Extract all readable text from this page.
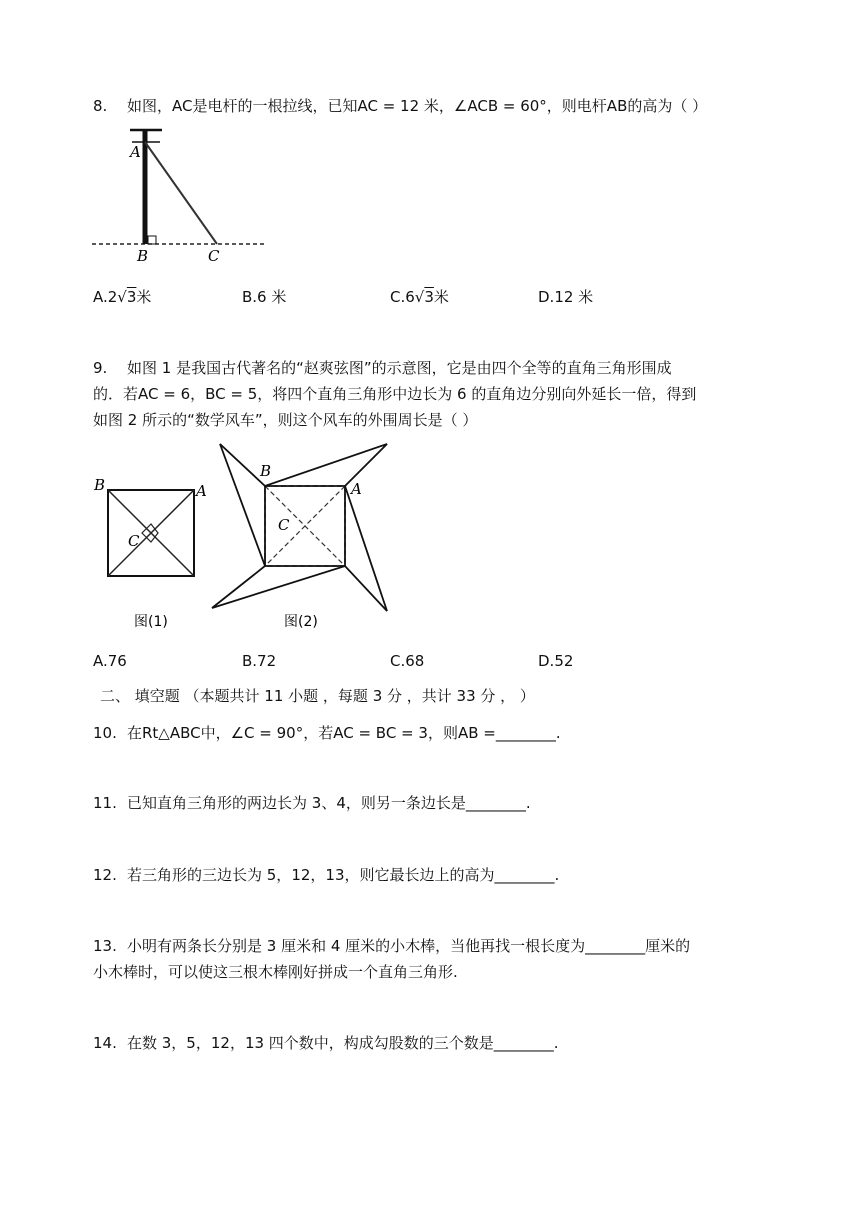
8. 如图，AC是电杆的一根拉线，已知AC = 12 米，∠ACB = 60°，则电杆AB的高为（ ）
A
B	C
A.2√3米	B.6 米	C.6√3米	D.12 米
9. 如图 1 是我国古代著名的“赵爽弦图”的示意图，它是由四个全等的直角三角形围成
的．若AC = 6，BC = 5，将四个直角三角形中边长为 6 的直角边分别向外延长一倍，得到
如图 2 所示的“数学风车”，则这个风车的外围周长是（ ）
B	A
C
图(1)
B
A
C
图(2)
A.76	B.72	C.68	D.52
二、 填空题 （本题共计 11 小题 ，每题 3 分 ，共计 33 分 ， ）
10. 在Rt△ABC中，∠C = 90°，若AC = BC = 3，则AB =________.
11. 已知直角三角形的两边长为 3、4，则另一条边长是________.
12. 若三角形的三边长为 5，12，13，则它最长边上的高为________.
13. 小明有两条长分别是 3 厘米和 4 厘米的小木棒，当他再找一根长度为________厘米的
小木棒时，可以使这三根木棒刚好拼成一个直角三角形.
14. 在数 3，5，12，13 四个数中，构成勾股数的三个数是________.
